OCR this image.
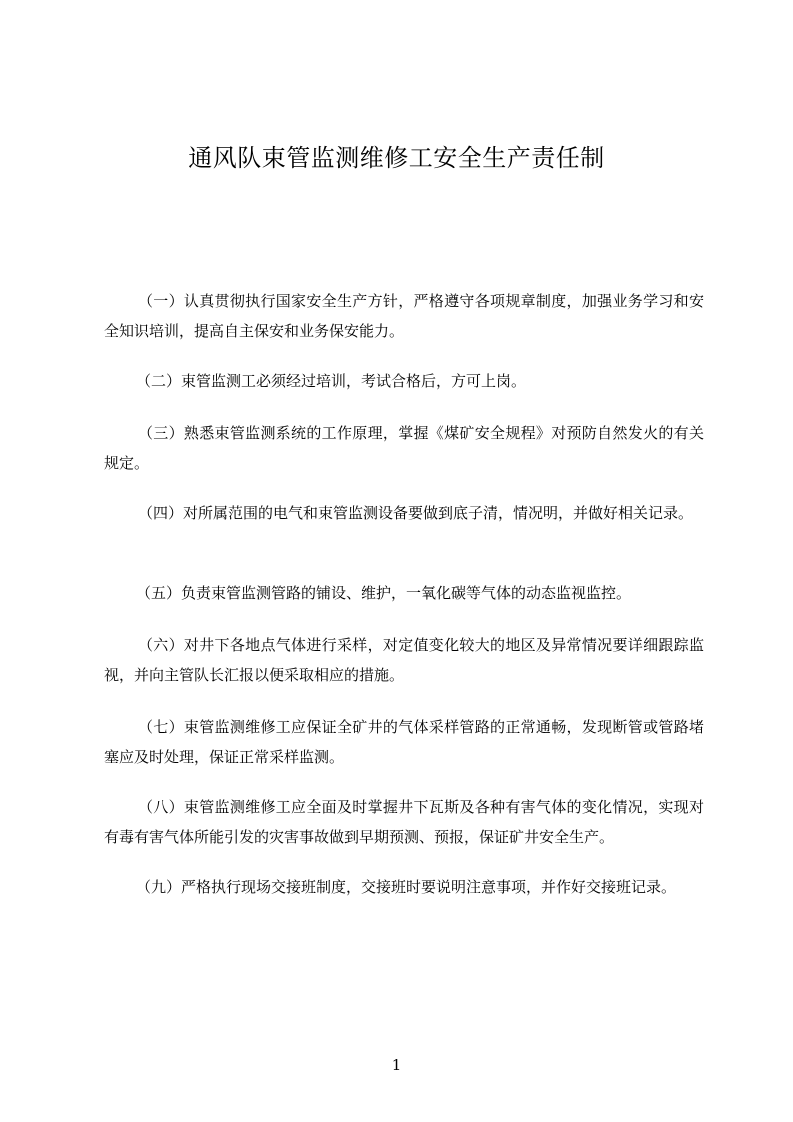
通风队束管监测维修工安全生产责任制

（一）认真贯彻执行国家安全生产方针，严格遵守各项规章制度，加强业务学习和安全知识培训，提高自主保安和业务保安能力。

（二）束管监测工必须经过培训，考试合格后，方可上岗。

（三）熟悉束管监测系统的工作原理，掌握《煤矿安全规程》对预防自然发火的有关规定。

（四）对所属范围的电气和束管监测设备要做到底子清，情况明，并做好相关记录。

（五）负责束管监测管路的铺设、维护，一氧化碳等气体的动态监视监控。

（六）对井下各地点气体进行采样，对定值变化较大的地区及异常情况要详细跟踪监视，并向主管队长汇报以便采取相应的措施。

（七）束管监测维修工应保证全矿井的气体采样管路的正常通畅，发现断管或管路堵塞应及时处理，保证正常采样监测。

（八）束管监测维修工应全面及时掌握井下瓦斯及各种有害气体的变化情况，实现对有毒有害气体所能引发的灾害事故做到早期预测、预报，保证矿井安全生产。

（九）严格执行现场交接班制度，交接班时要说明注意事项，并作好交接班记录。

1
